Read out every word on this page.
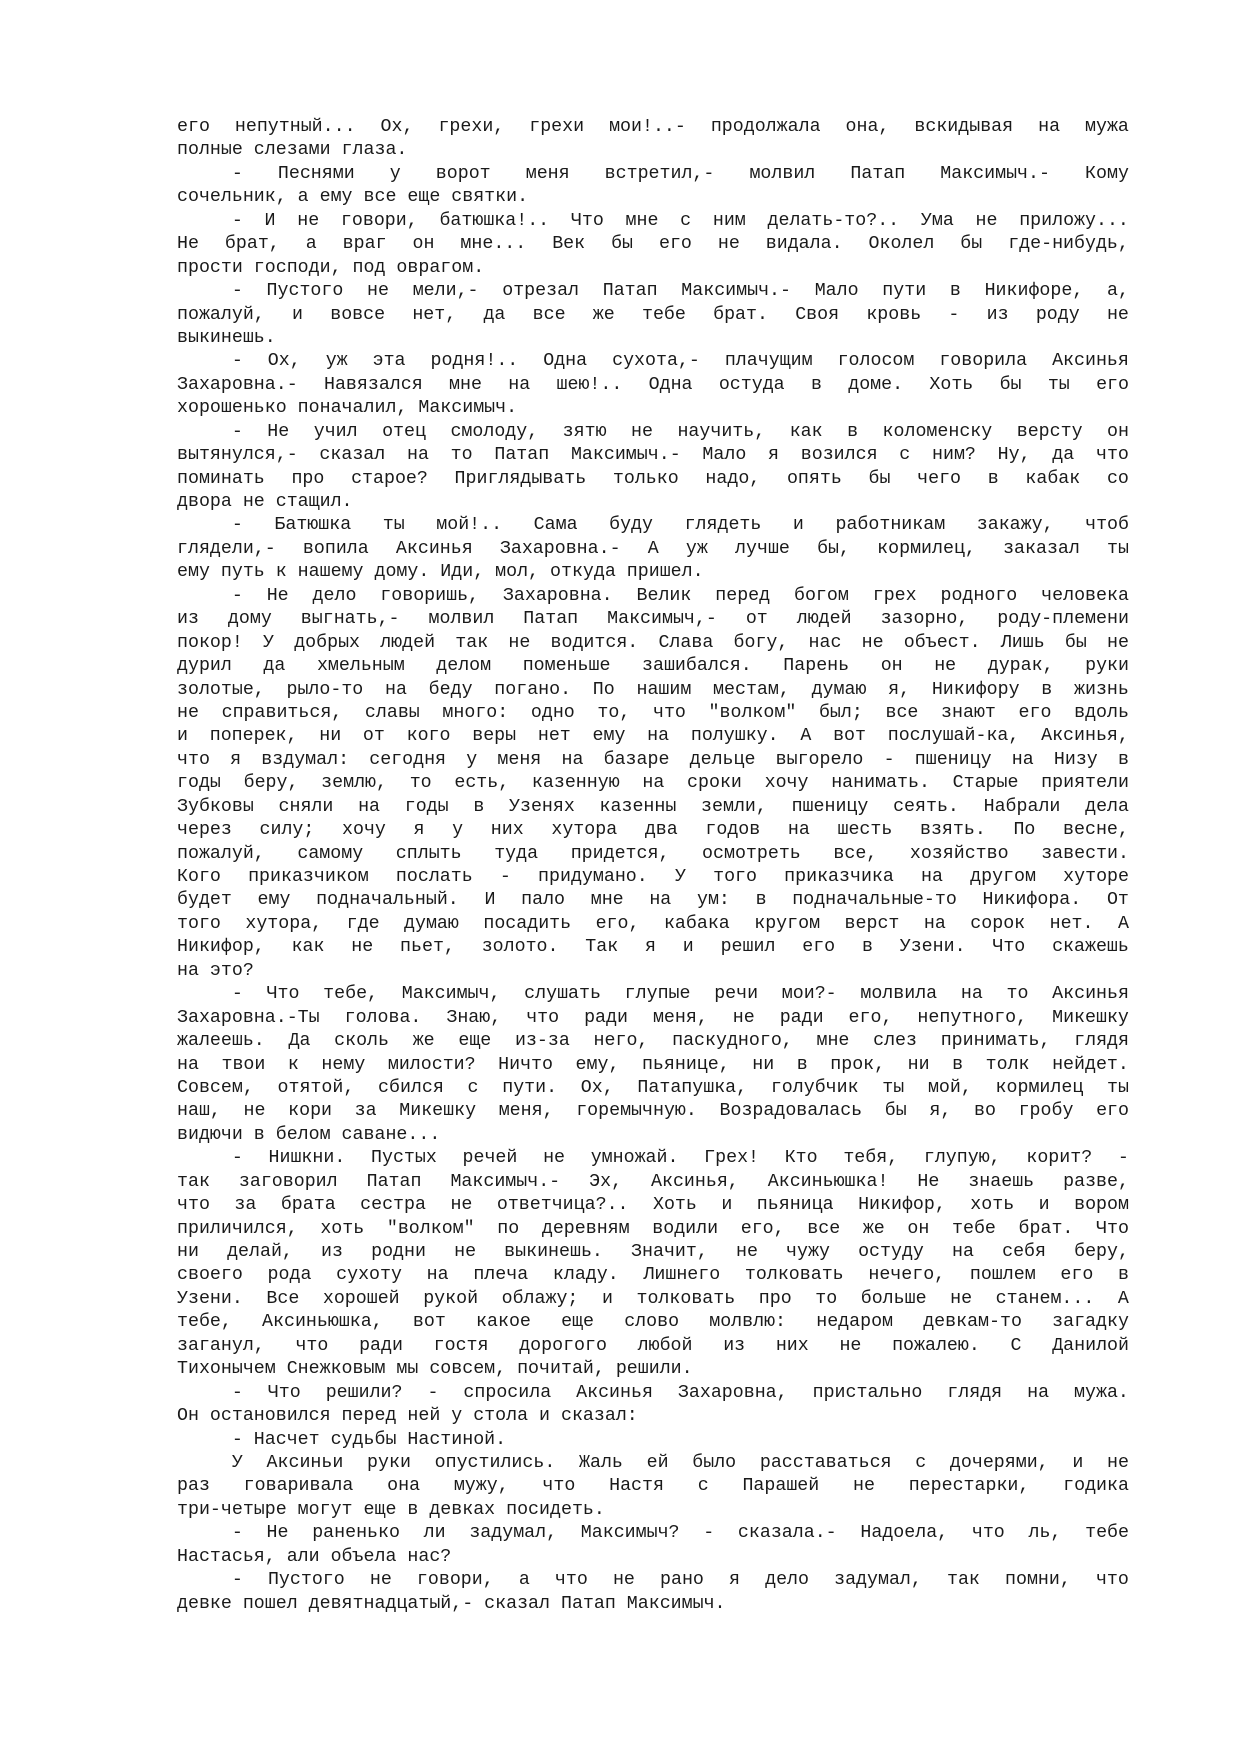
его непутный... Ох, грехи, грехи мои!..- продолжала она, вскидывая на мужа
полные слезами глаза.
- Песнями у ворот меня встретил,- молвил Патап Максимыч.- Кому
сочельник, а ему все еще святки.
- И не говори, батюшка!.. Что мне с ним делать-то?.. Ума не приложу...
Не брат, а враг он мне... Век бы его не видала. Околел бы где-нибудь,
прости господи, под оврагом.
- Пустого не мели,- отрезал Патап Максимыч.- Мало пути в Никифоре, а,
пожалуй, и вовсе нет, да все же тебе брат. Своя кровь - из роду не
выкинешь.
- Ох, уж эта родня!.. Одна сухота,- плачущим голосом говорила Аксинья
Захаровна.- Навязался мне на шею!.. Одна остуда в доме. Хоть бы ты его
хорошенько поначалил, Максимыч.
- Не учил отец смолоду, зятю не научить, как в коломенску версту он
вытянулся,- сказал на то Патап Максимыч.- Мало я возился с ним? Ну, да что
поминать про старое? Приглядывать только надо, опять бы чего в кабак со
двора не стащил.
- Батюшка ты мой!.. Сама буду глядеть и работникам закажу, чтоб
глядели,- вопила Аксинья Захаровна.- А уж лучше бы, кормилец, заказал ты
ему путь к нашему дому. Иди, мол, откуда пришел.
- Не дело говоришь, Захаровна. Велик перед богом грех родного человека
из дому выгнать,- молвил Патап Максимыч,- от людей зазорно, роду-племени
покор! У добрых людей так не водится. Слава богу, нас не объест. Лишь бы не
дурил да хмельным делом поменьше зашибался. Парень он не дурак, руки
золотые, рыло-то на беду погано. По нашим местам, думаю я, Никифору в жизнь
не справиться, славы много: одно то, что "волком" был; все знают его вдоль
и поперек, ни от кого веры нет ему на полушку. А вот послушай-ка, Аксинья,
что я вздумал: сегодня у меня на базаре дельце выгорело - пшеницу на Низу в
годы беру, землю, то есть, казенную на сроки хочу нанимать. Старые приятели
Зубковы сняли на годы в Узенях казенны земли, пшеницу сеять. Набрали дела
через силу; хочу я у них хутора два годов на шесть взять. По весне,
пожалуй, самому сплыть туда придется, осмотреть все, хозяйство завести.
Кого приказчиком послать - придумано. У того приказчика на другом хуторе
будет ему подначальный. И пало мне на ум: в подначальные-то Никифора. От
того хутора, где думаю посадить его, кабака кругом верст на сорок нет. А
Никифор, как не пьет, золото. Так я и решил его в Узени. Что скажешь
на это?
- Что тебе, Максимыч, слушать глупые речи мои?- молвила на то Аксинья
Захаровна.-Ты голова. Знаю, что ради меня, не ради его, непутного, Микешку
жалеешь. Да сколь же еще из-за него, паскудного, мне слез принимать, глядя
на твои к нему милости? Ничто ему, пьянице, ни в прок, ни в толк нейдет.
Совсем, отятой, сбился с пути. Ох, Патапушка, голубчик ты мой, кормилец ты
наш, не кори за Микешку меня, горемычную. Возрадовалась бы я, во гробу его
видючи в белом саване...
- Нишкни. Пустых речей не умножай. Грех! Кто тебя, глупую, корит? -
так заговорил Патап Максимыч.- Эх, Аксинья, Аксиньюшка! Не знаешь разве,
что за брата сестра не ответчица?.. Хоть и пьяница Никифор, хоть и вором
приличился, хоть "волком" по деревням водили его, все же он тебе брат. Что
ни делай, из родни не выкинешь. Значит, не чужу остуду на себя беру,
своего рода сухоту на плеча кладу. Лишнего толковать нечего, пошлем его в
Узени. Все хорошей рукой облажу; и толковать про то больше не станем... А
тебе, Аксиньюшка, вот какое еще слово молвлю: недаром девкам-то загадку
заганул, что ради гостя дорогого любой из них не пожалею. С Данилой
Тихонычем Снежковым мы совсем, почитай, решили.
- Что решили? - спросила Аксинья Захаровна, пристально глядя на мужа.
Он остановился перед ней у стола и сказал:
- Насчет судьбы Настиной.
У Аксиньи руки опустились. Жаль ей было расставаться с дочерями, и не
раз говаривала она мужу, что Настя с Парашей не перестарки, годика
три-четыре могут еще в девках посидеть.
- Не раненько ли задумал, Максимыч? - сказала.- Надоела, что ль, тебе
Настасья, али объела нас?
- Пустого не говори, а что не рано я дело задумал, так помни, что
девке пошел девятнадцатый,- сказал Патап Максимыч.
